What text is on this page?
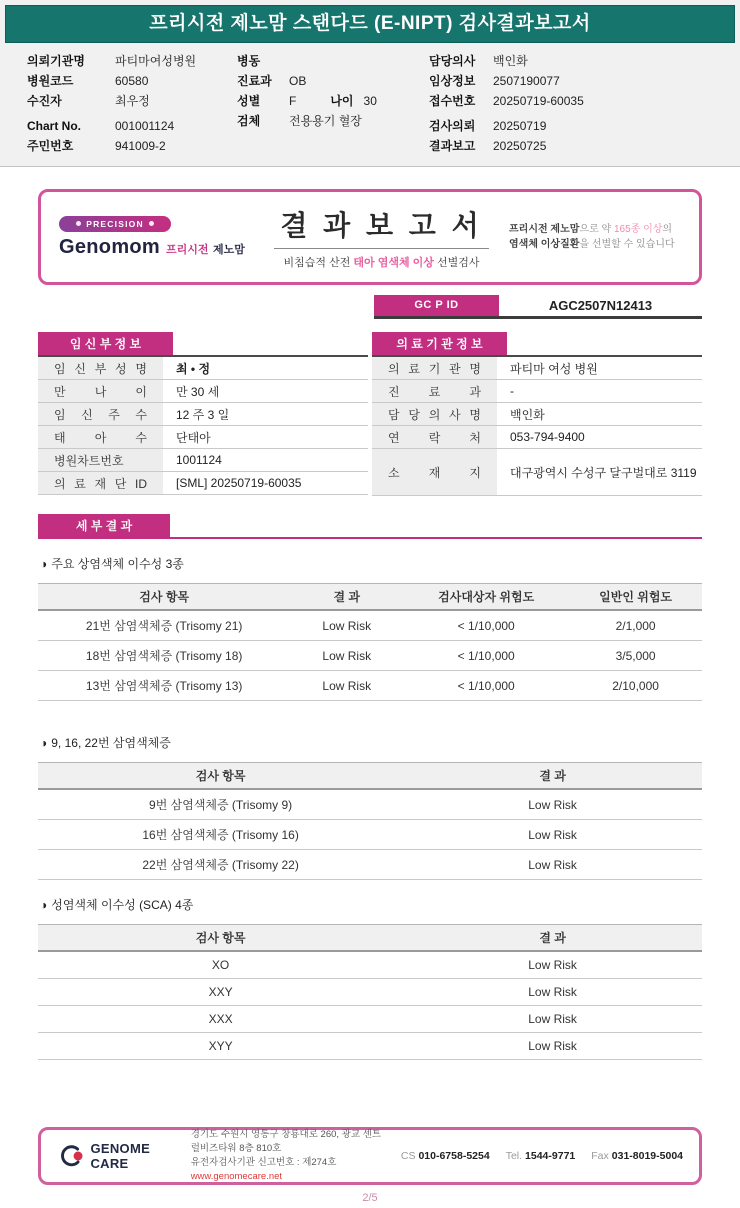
프리시전 제노맘 스탠다드 (E-NIPT) 검사결과보고서
의뢰기관명	파티마여성병원
병원코드	60580
수진자	최우정
Chart No.	001001124
주민번호	941009-2
병동
진료과	OB
성별	F	나이 30
검체	전용용기 혈장
담당의사	백인화
임상정보	2507190077
접수번호	20250719-60035
검사의뢰	20250719
결과보고	20250725
PRECISION
Genomom 프리시전 제노맘
결 과 보 고 서
비침습적 산전 태아 염색체 이상 선별검사
프리시전 제노맘으로 약 165종 이상의
염색체 이상질환을 선별할 수 있습니다
GC P ID	AGC2507N12413
임 신 부 정 보
임 신 부 성 명	최 • 정
만 나 이	만 30 세
임 신 주 수	12 주 3 일
태 아 수	단태아
병원차트번호	1001124
의 료 재 단 ID	[SML] 20250719-60035
의 료 기 관 정 보
의 료 기 관 명	파티마 여성 병원
진 료 과	-
담 당 의 사 명	백인화
연 락 처	053-794-9400
소 재 지	대구광역시 수성구 달구벌대로 3119
세 부 결 과
◑ 주요 상염색체 이수성 3종
검사 항목	결 과	검사대상자 위험도	일반인 위험도
21번 삼염색체증 (Trisomy 21)	Low Risk	< 1/10,000	2/1,000
18번 삼염색체증 (Trisomy 18)	Low Risk	< 1/10,000	3/5,000
13번 삼염색체증 (Trisomy 13)	Low Risk	< 1/10,000	2/10,000
◑ 9, 16, 22번 삼염색체증
검사 항목	결 과
9번 삼염색체증 (Trisomy 9)	Low Risk
16번 삼염색체증 (Trisomy 16)	Low Risk
22번 삼염색체증 (Trisomy 22)	Low Risk
◑ 성염색체 이수성 (SCA) 4종
검사 항목	결 과
XO	Low Risk
XXY	Low Risk
XXX	Low Risk
XYY	Low Risk
GENOME CARE
경기도 수원시 영통구 창룡대로 260, 광교 센트럴비즈타워 8층 810호
유전자검사기관 신고번호 : 제274호
www.genomecare.net
CS 010-6758-5254 Tel. 1544-9771 Fax 031-8019-5004
2/5
